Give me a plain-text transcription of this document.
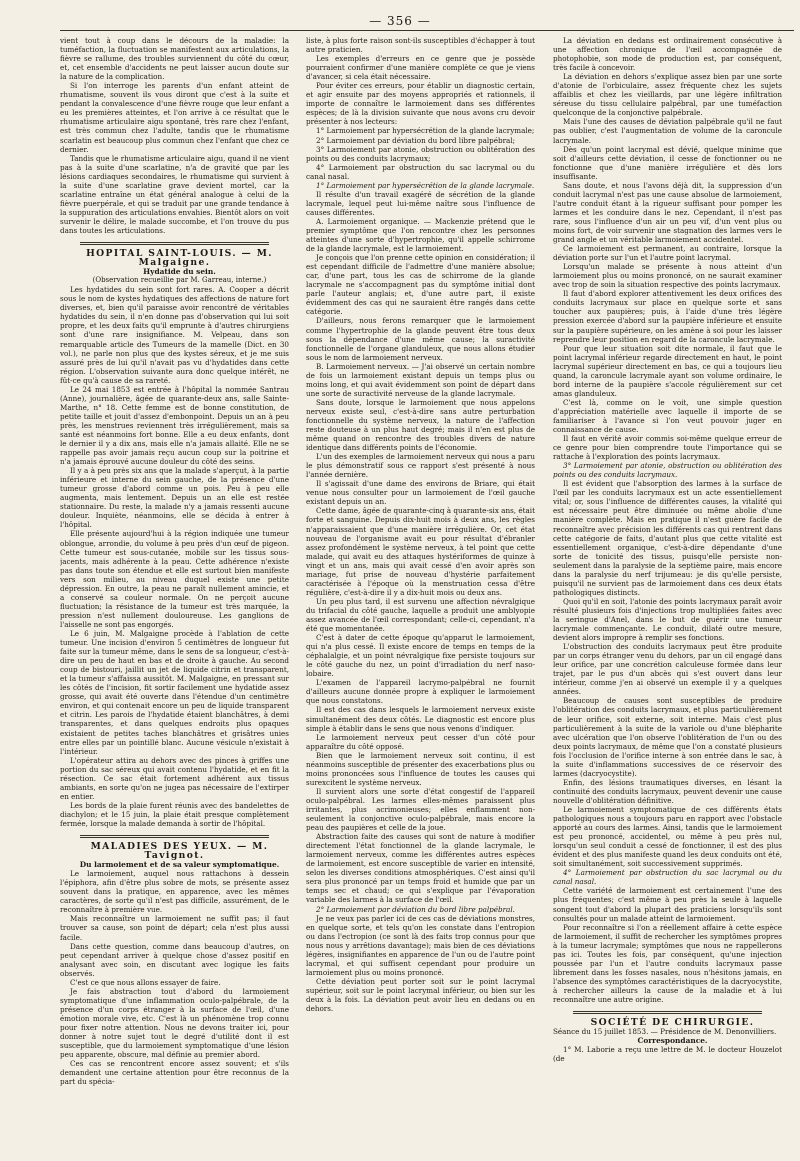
— 356 —

vient tout à coup dans le décours de la maladie: la tuméfaction, la fluctuation se manifestent aux articulations, la fièvre se rallume, des troubles surviennent du côté du cœur, et, cet ensemble d'accidents ne peut laisser aucun doute sur la nature de la complication.

Si l'on interroge les parents d'un enfant atteint de rhumatisme, souvent ils vous diront que c'est à la suite et pendant la convalescence d'une fièvre rouge que leur enfant a eu les premières atteintes, et l'on arrive à ce résultat que le rhumatisme articulaire aigu spontané, très rare chez l'enfant, est très commun chez l'adulte, tandis que le rhumatisme scarlatin est beaucoup plus commun chez l'enfant que chez ce dernier.

Tandis que le rhumatisme articulaire aigu, quand il ne vient pas à la suite d'une scarlatine, n'a de gravité que par les lésions cardiaques secondaires, le rhumatisme qui survient à la suite d'une scarlatine grave devient mortel, car la scarlatine entraîne un état général analogue à celui de la fièvre puerpérale, et qui se traduit par une grande tendance à la suppuration des articulations envahies. Bientôt alors on voit survenir le délire, le malade succombe, et l'on trouve du pus dans toutes les articulations.

HOPITAL SAINT-LOUIS. — M. Malgaigne.

Hydatide du sein.

(Observation recueillie par M. Garreau, interne.)

Les hydatides du sein sont fort rares. A. Cooper a décrit sous le nom de kystes hydatiques des affections de nature fort diverses, et, bien qu'il paraisse avoir rencontré de véritables hydatides du sein, il n'en donne pas d'observation qui lui soit propre, et les deux faits qu'il emprunte à d'autres chirurgiens sont d'une rare insignifiance. M. Velpeau, dans son remarquable article des Tumeurs de la mamelle (Dict. en 30 vol.), ne parle non plus que des kystes séreux, et je me suis assuré près de lui qu'il n'avait pas vu d'hydatides dans cette région. L'observation suivante aura donc quelque intérêt, ne fût-ce qu'à cause de sa rareté.

Le 24 mai 1853 est entrée à l'hôpital la nommée Santrau (Anne), journalière, âgée de quarante-deux ans, salle Sainte-Marthe, n° 18. Cette femme est de bonne constitution, de petite taille et jouit d'assez d'embonpoint. Depuis un an à peu près, les menstrues reviennent très irrégulièrement, mais sa santé est néanmoins fort bonne. Elle a eu deux enfants, dont le dernier il y a dix ans, mais elle n'a jamais allaité. Elle ne se rappelle pas avoir jamais reçu aucun coup sur la poitrine et n'a jamais éprouvé aucune douleur du côté des seins.

Il y a à peu près six ans que la malade s'aperçut, à la partie inférieure et interne du sein gauche, de la présence d'une tumeur grosse d'abord comme un pois. Peu à peu elle augmenta, mais lentement. Depuis un an elle est restée stationnaire. Du reste, la malade n'y a jamais ressenti aucune douleur. Inquiète, néanmoins, elle se décida à entrer à l'hôpital.

Elle présente aujourd'hui à la région indiquée une tumeur oblongue, arrondie, du volume à peu près d'un œuf de pigeon. Cette tumeur est sous-cutanée, mobile sur les tissus sous-jacents, mais adhérente à la peau. Cette adhérence n'existe pas dans toute son étendue et elle est surtout bien manifeste vers son milieu, au niveau duquel existe une petite dépression. En outre, la peau ne paraît nullement amincie, et a conservé sa couleur normale. On ne perçoit aucune fluctuation; la résistance de la tumeur est très marquée, la pression n'est nullement douloureuse. Les ganglions de l'aisselle ne sont pas engorgés.

Le 6 juin, M. Malgaigne procède à l'ablation de cette tumeur. Une incision d'environ 5 centimètres de longueur fut faite sur la tumeur même, dans le sens de sa longueur, c'est-à-dire un peu de haut en bas et de droite à gauche. Au second coup de bistouri, jaillit un jet de liquide citrin et transparent, et la tumeur s'affaissa aussitôt. M. Malgaigne, en pressant sur les côtés de l'incision, fit sortir facilement une hydatide assez grosse, qui avait été ouverte dans l'étendue d'un centimètre environ, et qui contenait encore un peu de liquide transparent et citrin. Les parois de l'hydatide étaient blanchâtres, à demi transparentes, et dans quelques endroits plus opaques existaient de petites taches blanchâtres et grisâtres unies entre elles par un pointillé blanc. Aucune vésicule n'existait à l'intérieur.

L'opérateur attira au dehors avec des pinces à griffes une portion du sac séreux qui avait contenu l'hydatide, et en fit la résection. Ce sac était fortement adhérent aux tissus ambiants, en sorte qu'on ne jugea pas nécessaire de l'extirper en entier.

Les bords de la plaie furent réunis avec des bandelettes de diachylon; et le 15 juin, la plaie était presque complètement fermée, lorsque la malade demanda à sortir de l'hôpital.

MALADIES DES YEUX. — M. Tavignot.

Du larmoiement et de sa valeur symptomatique.

Le larmoiement, auquel nous rattachons à dessein l'épiphora, afin d'être plus sobre de mots, se présente assez souvent dans la pratique, en apparence, avec les mêmes caractères, de sorte qu'il n'est pas difficile, assurément, de le reconnaître à première vue.

Mais reconnaître un larmoiement ne suffit pas; il faut trouver sa cause, son point de départ; cela n'est plus aussi facile.

Dans cette question, comme dans beaucoup d'autres, on peut cependant arriver à quelque chose d'assez positif en analysant avec soin, en discutant avec logique les faits observés.

C'est ce que nous allons essayer de faire.

Je fais abstraction tout d'abord du larmoiement symptomatique d'une inflammation oculo-palpébrale, de la présence d'un corps étranger à la surface de l'œil, d'une émotion morale vive, etc. C'est là un phénomène trop connu pour fixer notre attention. Nous ne devons traiter ici, pour donner à notre sujet tout le degré d'utilité dont il est susceptible, que du larmoiement symptomatique d'une lésion peu apparente, obscure, mal définie au premier abord.

Ces cas se rencontrent encore assez souvent; et s'ils demandent une certaine attention pour être reconnus de la part du spécia-

liste, à plus forte raison sont-ils susceptibles d'échapper à tout autre praticien.

Les exemples d'erreurs en ce genre que je possède pourraient confirmer d'une manière complète ce que je viens d'avancer, si cela était nécessaire.

Pour éviter ces erreurs, pour établir un diagnostic certain, et agir ensuite par des moyens appropriés et rationnels, il importe de connaître le larmoiement dans ses différentes espèces; de là la division suivante que nous avons cru devoir présenter à nos lecteurs:

1° Larmoiement par hypersécrétion de la glande lacrymale;

2° Larmoiement par déviation du bord libre palpébral;

3° Larmoiement par atonie, obstruction ou oblitération des points ou des conduits lacrymaux;

4° Larmoiement par obstruction du sac lacrymal ou du canal nasal.

1° Larmoiement par hypersécrétion de la glande lacrymale.

Il résulte d'un travail exagéré de sécrétion de la glande lacrymale, lequel peut lui-même naître sous l'influence de causes différentes.

A. Larmoiement organique. — Mackenzie prétend que le premier symptôme que l'on rencontre chez les personnes atteintes d'une sorte d'hypertrophie, qu'il appelle schirrome de la glande lacrymale, est le larmoiement.

Je conçois que l'on prenne cette opinion en considération; il est cependant difficile de l'admettre d'une manière absolue; car, d'une part, tous les cas de schirrome de la glande lacrymale ne s'accompagnent pas du symptôme initial dont parle l'auteur anglais; et, d'une autre part, il existe évidemment des cas qui ne sauraient être rangés dans cette catégorie.

D'ailleurs, nous ferons remarquer que le larmoiement comme l'hypertrophie de la glande peuvent être tous deux sous la dépendance d'une même cause; la suractivité fonctionnelle de l'organe glanduleux, que nous allons étudier sous le nom de larmoiement nerveux.

B. Larmoiement nerveux. — J'ai observé un certain nombre de fois un larmoiement existant depuis un temps plus ou moins long, et qui avait évidemment son point de départ dans une sorte de suractivité nerveuse de la glande lacrymale.

Sans doute, lorsque le larmoiement que nous appelons nerveux existe seul, c'est-à-dire sans autre perturbation fonctionnelle du système nerveux, la nature de l'affection reste douteuse à un plus haut degré; mais il n'en est plus de même quand on rencontre des troubles divers de nature identique dans différents points de l'économie.

L'un des exemples de larmoiement nerveux qui nous a paru le plus démonstratif sous ce rapport s'est présenté à nous l'année dernière.

Il s'agissait d'une dame des environs de Briare, qui était venue nous consulter pour un larmoiement de l'œil gauche existant depuis un an.

Cette dame, âgée de quarante-cinq à quarante-six ans, était forte et sanguine. Depuis dix-huit mois à deux ans, les règles n'apparaissaient que d'une manière irrégulière. Or, cet état nouveau de l'organisme avait eu pour résultat d'ébranler assez profondément le système nerveux, à tel point que cette malade, qui avait eu des attaques hystériformes de quinze à vingt et un ans, mais qui avait cessé d'en avoir après son mariage, fut prise de nouveau d'hystérie parfaitement caractérisée à l'époque où la menstruation cessa d'être régulière, c'est-à-dire il y a dix-huit mois ou deux ans.

Un peu plus tard, il est survenu une affection névralgique du trifacial du côté gauche, laquelle a produit une amblyopie assez avancée de l'œil correspondant; celle-ci, cependant, n'a été que momentanée.

C'est à dater de cette époque qu'apparut le larmoiement, qui n'a plus cessé. Il existe encore de temps en temps de la céphalalgie, et un point névralgique fixe persiste toujours sur le côté gauche du nez, un point d'irradiation du nerf naso-lobaire.

L'examen de l'appareil lacrymo-palpébral ne fournit d'ailleurs aucune donnée propre à expliquer le larmoiement que nous constatons.

Il est des cas dans lesquels le larmoiement nerveux existe simultanément des deux côtés. Le diagnostic est encore plus simple à établir dans le sens que nous venons d'indiquer.

Le larmoiement nerveux peut cesser d'un côté pour apparaître du côté opposé.

Bien que le larmoiement nerveux soit continu, il est néanmoins susceptible de présenter des exacerbations plus ou moins prononcées sous l'influence de toutes les causes qui surexcitent le système nerveux.

Il survient alors une sorte d'état congestif de l'appareil oculo-palpébral. Les larmes elles-mêmes paraissent plus irritantes, plus acrimonieuses; elles enflamment non-seulement la conjonctive oculo-palpébrale, mais encore la peau des paupières et celle de la joue.

Abstraction faite des causes qui sont de nature à modifier directement l'état fonctionnel de la glande lacrymale, le larmoiement nerveux, comme les différentes autres espèces de larmoiement, est encore susceptible de varier en intensité, selon les diverses conditions atmosphériques. C'est ainsi qu'il sera plus prononcé par un temps froid et humide que par un temps sec et chaud; ce qui s'explique par l'évaporation variable des larmes à la surface de l'œil.

2° Larmoiement par déviation du bord libre palpébral.

Je ne veux pas parler ici de ces cas de déviations monstres, en quelque sorte, et tels qu'on les constate dans l'entropion ou dans l'ectropion (ce sont là des faits trop connus pour que nous nous y arrêtions davantage); mais bien de ces déviations légères, insignifiantes en apparence de l'un ou de l'autre point lacrymal, et qui suffisent cependant pour produire un larmoiement plus ou moins prononcé.

Cette déviation peut porter soit sur le point lacrymal supérieur, soit sur le point lacrymal inférieur, ou bien sur les deux à la fois. La déviation peut avoir lieu en dedans ou en dehors.

La déviation en dedans est ordinairement consécutive à une affection chronique de l'œil accompagnée de photophobie, son mode de production est, par conséquent, très facile à concevoir.

La déviation en dehors s'explique assez bien par une sorte d'atonie de l'orbiculaire, assez fréquente chez les sujets affaiblis et chez les vieillards, par une légère infiltration séreuse du tissu cellulaire palpébral, par une tuméfaction quelconque de la conjonctive palpébrale.

Mais l'une des causes de déviation palpébrale qu'il ne faut pas oublier, c'est l'augmentation de volume de la caroncule lacrymale.

Dès qu'un point lacrymal est dévié, quelque minime que soit d'ailleurs cette déviation, il cesse de fonctionner ou ne fonctionne que d'une manière irrégulière et dès lors insuffisante.

Sans doute, et nous l'avons déjà dit, la suppression d'un conduit lacrymal n'est pas une cause absolue de larmoiement, l'autre conduit étant à la rigueur suffisant pour pomper les larmes et les conduire dans le nez. Cependant, il n'est pas rare, sous l'influence d'un air un peu vif, d'un vent plus ou moins fort, de voir survenir une stagnation des larmes vers le grand angle et un véritable larmoiement accidentel.

Ce larmoiement est permanent, au contraire, lorsque la déviation porte sur l'un et l'autre point lacrymal.

Lorsqu'un malade se présente à nous atteint d'un larmoiement plus ou moins prononcé, on ne saurait examiner avec trop de soin la situation respective des points lacrymaux.

Il faut d'abord explorer attentivement les deux orifices des conduits lacrymaux sur place en quelque sorte et sans toucher aux paupières; puis, à l'aide d'une très légère pression exercée d'abord sur la paupière inférieure et ensuite sur la paupière supérieure, on les amène à soi pour les laisser reprendre leur position en regard de la caroncule lacrymale.

Pour que leur situation soit dite normale, il faut que le point lacrymal inférieur regarde directement en haut, le point lacrymal supérieur directement en bas, ce qui a toujours lieu quand, la caroncule lacrymale ayant son volume ordinaire, le bord interne de la paupière s'accole régulièrement sur cet amas glanduleux.

C'est là, comme on le voit, une simple question d'appréciation matérielle avec laquelle il importe de se familiariser à l'avance si l'on veut pouvoir juger en connaissance de cause.

Il faut en vérité avoir commis soi-même quelque erreur de ce genre pour bien comprendre toute l'importance qui se rattache à l'exploration des points lacrymaux.

3° Larmoiement par atonie, obstruction ou oblitération des points ou des conduits lacrymaux.

Il est évident que l'absorption des larmes à la surface de l'œil par les conduits lacrymaux est un acte essentiellement vital; or, sous l'influence de différentes causes, la vitalité qui est nécessaire peut être diminuée ou même abolie d'une manière complète. Mais en pratique il n'est guère facile de reconnaître avec précision les différents cas qui rentrent dans cette catégorie de faits, d'autant plus que cette vitalité est essentiellement organique, c'est-à-dire dépendante d'une sorte de tonicité des tissus, puisqu'elle persiste non-seulement dans la paralysie de la septième paire, mais encore dans la paralysie du nerf trijumeau: je dis qu'elle persiste, puisqu'il ne survient pas de larmoiement dans ces deux états pathologiques distincts.

Quoi qu'il en soit, l'atonie des points lacrymaux paraît avoir résulté plusieurs fois d'injections trop multipliées faites avec la seringue d'Anel, dans le but de guérir une tumeur lacrymale commençante. Le conduit, dilaté outre mesure, devient alors impropre à remplir ses fonctions.

L'obstruction des conduits lacrymaux peut être produite par un corps étranger venu du dehors, par un cil engagé dans leur orifice, par une concrétion calculeuse formée dans leur trajet, par le pus d'un abcès qui s'est ouvert dans leur intérieur, comme j'en ai observé un exemple il y a quelques années.

Beaucoup de causes sont susceptibles de produire l'oblitération des conduits lacrymaux, et plus particulièrement de leur orifice, soit externe, soit interne. Mais c'est plus particulièrement à la suite de la variole ou d'une blépharite avec ulcération que l'on observe l'oblitération de l'un ou des deux points lacrymaux, de même que l'on a constaté plusieurs fois l'occlusion de l'orifice interne à son entrée dans le sac, à la suite d'inflammations successives de ce réservoir des larmes (dacryocystite).

Enfin, des lésions traumatiques diverses, en lésant la continuité des conduits lacrymaux, peuvent devenir une cause nouvelle d'oblitération définitive.

Le larmoiement symptomatique de ces différents états pathologiques nous a toujours paru en rapport avec l'obstacle apporté au cours des larmes. Ainsi, tandis que le larmoiement est peu prononcé, accidentel, ou même à peu près nul, lorsqu'un seul conduit a cessé de fonctionner, il est des plus évident et des plus manifeste quand les deux conduits ont été, soit simultanément, soit successivement supprimés.

4° Larmoiement par obstruction du sac lacrymal ou du canal nasal.

Cette variété de larmoiement est certainement l'une des plus fréquentes; c'est même à peu près la seule à laquelle songent tout d'abord la plupart des praticiens lorsqu'ils sont consultés pour un malade atteint de larmoiement.

Pour reconnaître si l'on a réellement affaire à cette espèce de larmoiement, il suffit de rechercher les symptômes propres à la tumeur lacrymale; symptômes que nous ne rappellerons pas ici. Toutes les fois, par conséquent, qu'une injection poussée par l'un et l'autre conduits lacrymaux passe librement dans les fosses nasales, nous n'hésitons jamais, en l'absence des symptômes caractéristiques de la dacryocystite, à rechercher ailleurs la cause de la maladie et à lui reconnaître une autre origine.

SOCIÉTÉ DE CHIRURGIE.

Séance du 15 juillet 1853. — Présidence de M. Denonvilliers.

Correspondance.

1° M. Laborie a reçu une lettre de M. le docteur Houzelot (de
